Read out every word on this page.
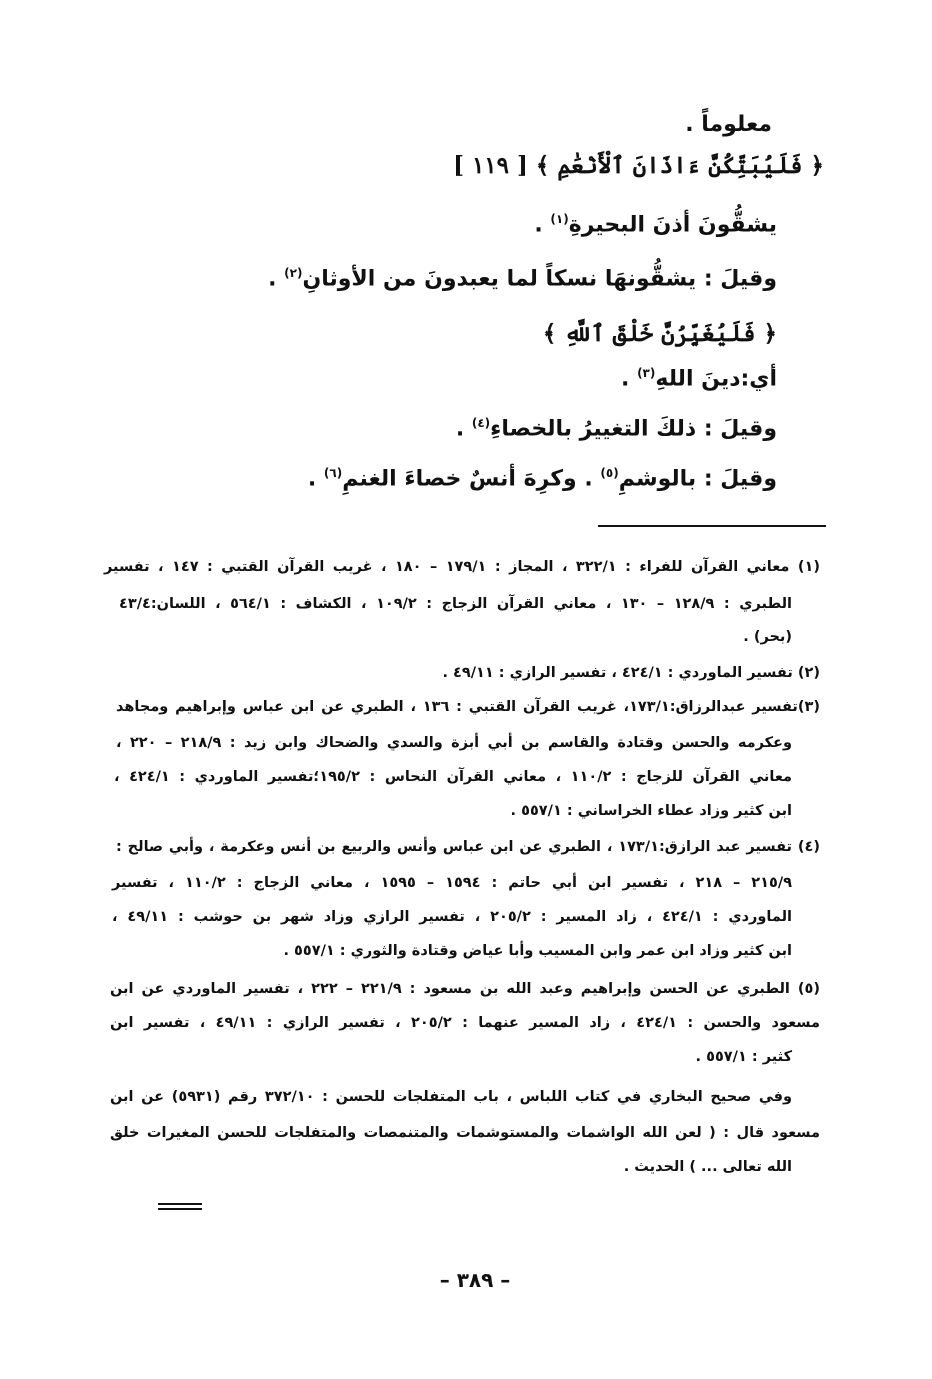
معلوماً .
﴿ فَلَيُبَتِّكُنَّ ءَاذَانَ ٱلْأَنْعَٰمِ ﴾ [ ١١٩ ]
يشقُّونَ أذنَ البحيرةِ$^{(١)}$ .
وقيلَ : يشقُّونهَا نسكاً لما يعبدونَ من الأوثانِ$^{(٢)}$ .
﴿ فَلَيُغَيِّرُنَّ خَلْقَ ٱللَّهِ ﴾
أي:دينَ اللهِ$^{(٣)}$ .
وقيلَ : ذلكَ التغييرُ بالخصاءِ$^{(٤)}$ .
وقيلَ : بالوشمِ$^{(٥)}$ . وكرِهَ أنسٌ خصاءَ الغنمِ$^{(٦)}$ .
(١) معاني القرآن للفراء : ٣٢٢/١ ، المجاز : ١٧٩/١ – ١٨٠ ، غريب القرآن القتبي : ١٤٧ ، تفسير
الطبري : ١٢٨/٩ – ١٣٠ ، معاني القرآن الزجاج : ١٠٩/٢ ، الكشاف : ٥٦٤/١ ، اللسان:٤٣/٤
(بحر) .
(٢) تفسير الماوردي : ٤٢٤/١ ، تفسير الرازي : ٤٩/١١ .
(٣)تفسير عبدالرزاق:١٧٣/١، غريب القرآن القتبي : ١٣٦ ، الطبري عن ابن عباس وإبراهيم ومجاهد
وعكرمه والحسن وقتادة والقاسم بن أبي أبزة والسدي والضحاك وابن زيد : ٢١٨/٩ – ٢٢٠ ،
معاني القرآن للزجاج : ١١٠/٢ ، معاني القرآن النحاس : ١٩٥/٢؛تفسير الماوردي : ٤٢٤/١ ،
ابن كثير وزاد عطاء الخراساني : ٥٥٧/١ .
(٤) تفسير عبد الرازق:١٧٣/١ ، الطبري عن ابن عباس وأنس والربيع بن أنس وعكرمة ، وأبي صالح :
٢١٥/٩ – ٢١٨ ، تفسير ابن أبي حاتم : ١٥٩٤ – ١٥٩٥ ، معاني الزجاج : ١١٠/٢ ، تفسير
الماوردي : ٤٢٤/١ ، زاد المسير : ٢٠٥/٢ ، تفسير الرازي وزاد شهر بن حوشب : ٤٩/١١ ،
ابن كثير وزاد ابن عمر وابن المسيب وأبا عياض وقتادة والثوري : ٥٥٧/١ .
(٥) الطبري عن الحسن وإبراهيم وعبد الله بن مسعود : ٢٢١/٩ – ٢٢٢ ، تفسير الماوردي عن ابن
مسعود والحسن : ٤٢٤/١ ، زاد المسير عنهما : ٢٠٥/٢ ، تفسير الرازي : ٤٩/١١ ، تفسير ابن
كثير : ٥٥٧/١ .
وفي صحيح البخاري في كتاب اللباس ، باب المتفلجات للحسن : ٣٧٢/١٠ رقم (٥٩٣١) عن ابن
مسعود قال : ( لعن الله الواشمات والمستوشمات والمتنمصات والمتفلجات للحسن المغيرات خلق
الله تعالى ... ) الحديث .
– ٣٨٩ –
